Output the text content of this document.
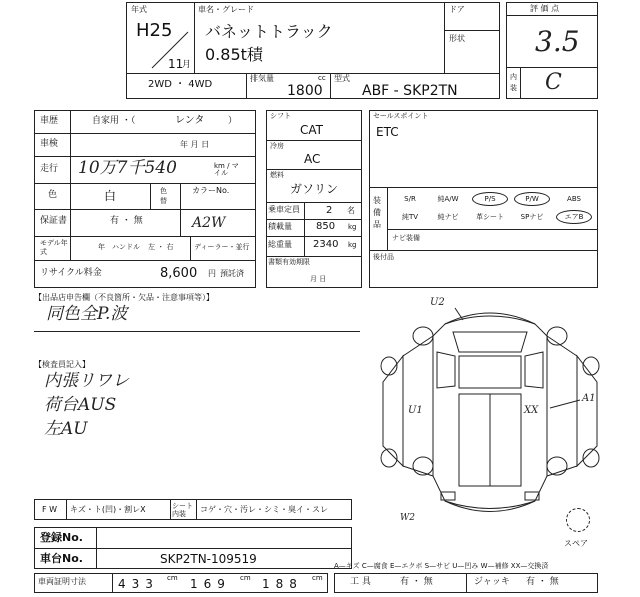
年式
H25
11
月
車名・グレード
バネットトラック
0.85t積
ドア
形状
2WD ・ 4WD
排気量	cc
1800
型式
ABF - SKP2TN
評 価 点
3.5
内装 C
車歴	自家用 ・（	レンタ	）
車検	年 月 日
走行 10万7千540	km / マイル
色	白	色替
カラーNo.
保証書	有 ・ 無	A2W
モデル年式
年 ハンドル 左 ・ 右	ディーラー・並行
リサイクル料金	8,600 円 預託済
シフト
CAT
冷房
AC
燃料
ガソリン
乗車定員	2 名
積載量 850 kg
総重量 2340 kg
書類有効期限
月 日
セールスポイント
ETC
装備品
S/R	純A/W	P/S	P/W	ABS
純TV	純ナビ	革シート	SPナビ	エアB
ナビ装備
後付品
【出品店申告欄（不良箇所・欠品・注意事項等）】
同色全P.波
【検査員記入】
内張リワレ
荷台AUS
左AU
U2
A1
U1	XX
W2
スペア
F W キズ・ト(凹)・割レX	シート内装	コゲ・穴・汚レ・シミ・臭イ・スレ
登録No.
車台No.	SKP2TN-109519
車両証明寸法	433 cm 169 cm 188 cm
A—キズ C—腐食 E—エクボ S—サビ U—凹み W—補修 XX—交換済
工 具	有 ・ 無	ジャッキ 有 ・ 無
